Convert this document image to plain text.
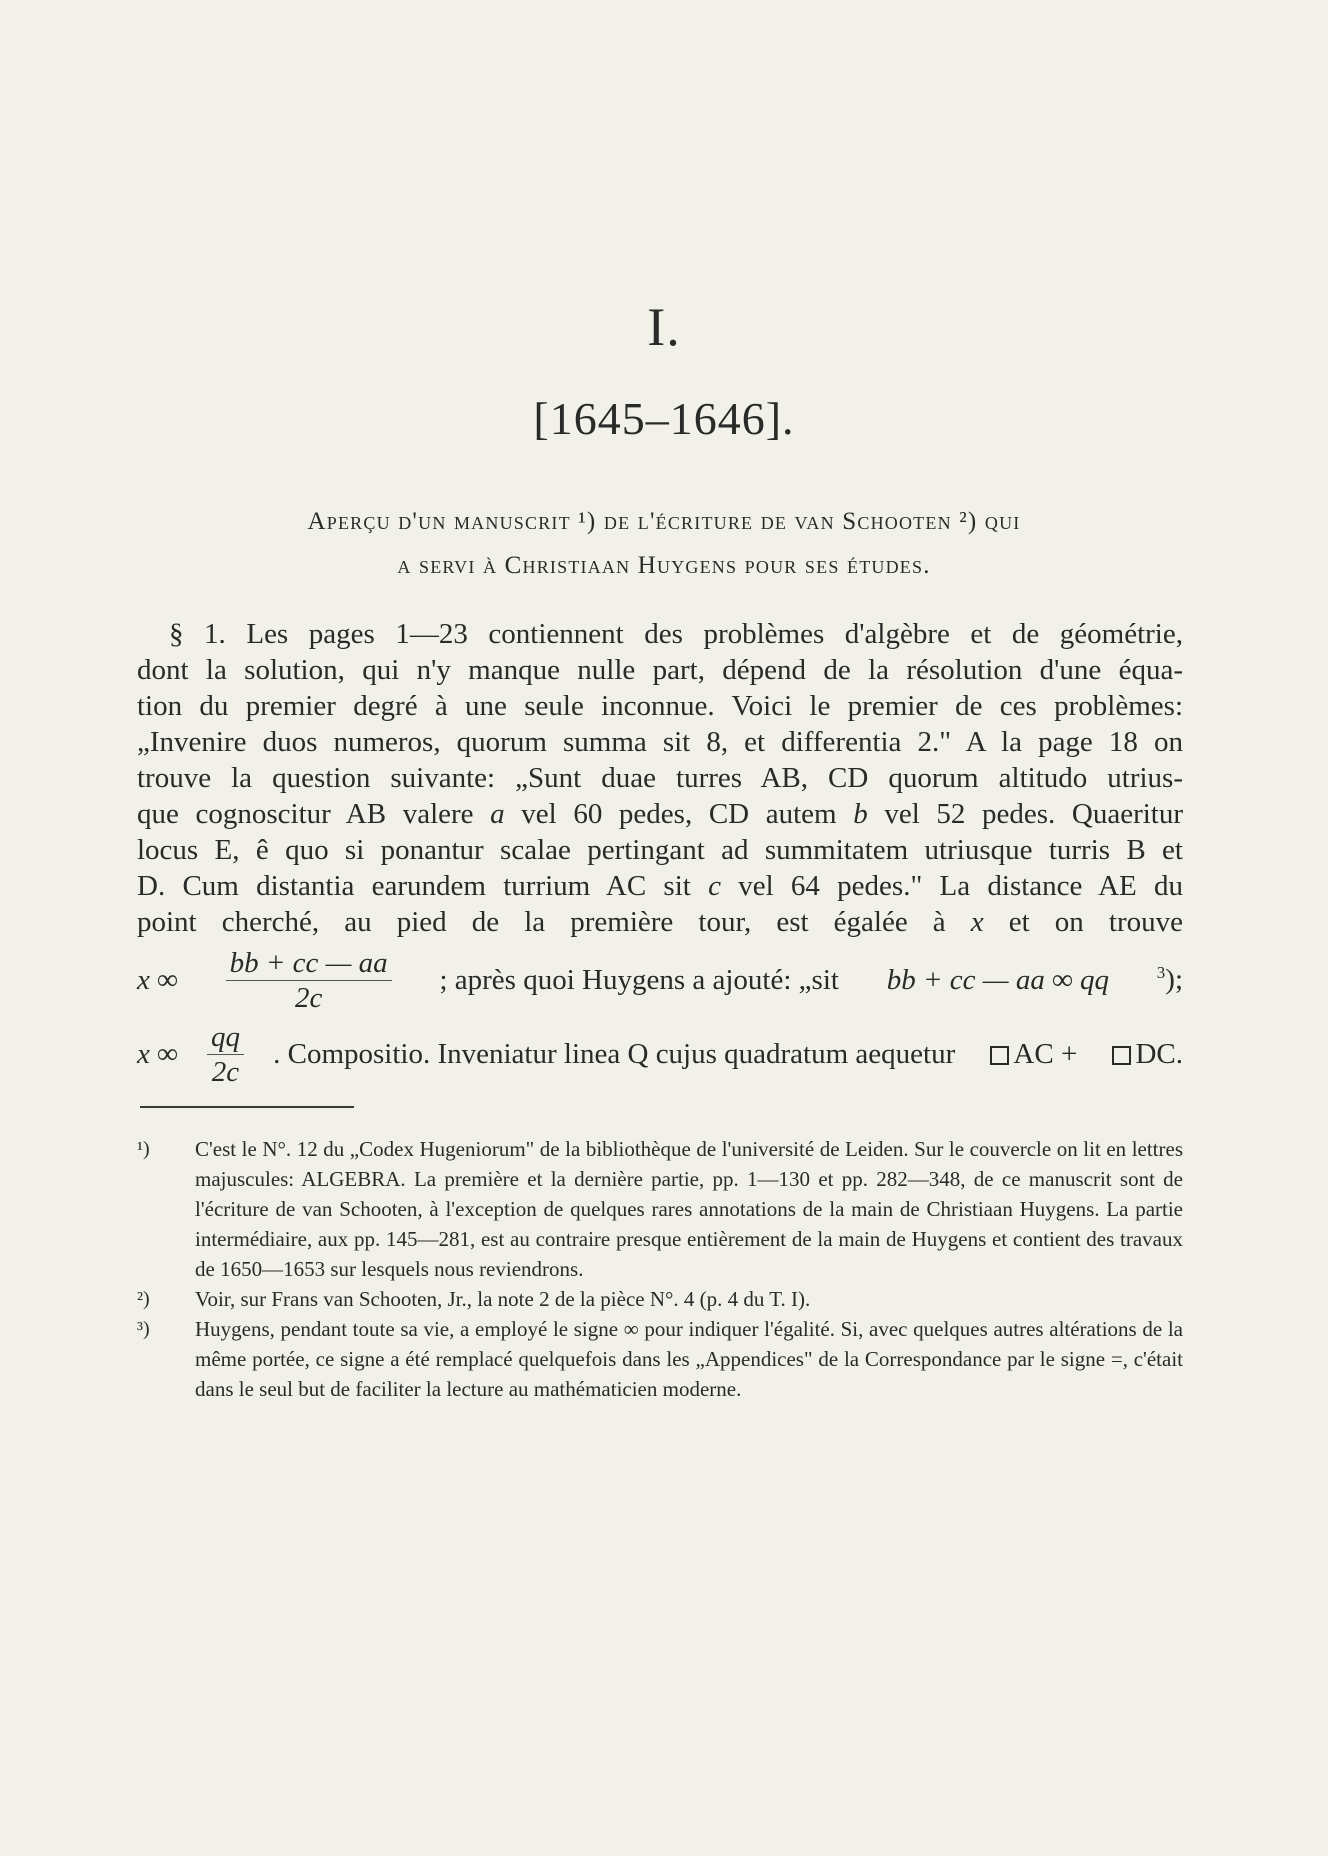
I.
[1645–1646].
Aperçu d'un manuscrit ¹) de l'écriture de van Schooten ²) qui
a servi à Christiaan Huygens pour ses études.

§ 1. Les pages 1—23 contiennent des problèmes d'algèbre et de géométrie,

dont la solution, qui n'y manque nulle part, dépend de la résolution d'une équa-

tion du premier degré à une seule inconnue. Voici le premier de ces problèmes:

„Invenire duos numeros, quorum summa sit 8, et differentia 2." A la page 18 on

trouve la question suivante: „Sunt duae turres AB, CD quorum altitudo utrius-

que cognoscitur AB valere a vel 60 pedes, CD autem b vel 52 pedes. Quaeritur

locus E, ê quo si ponantur scalae pertingant ad summitatem utriusque turris B et

D. Cum distantia earundem turrium AC sit c vel 64 pedes." La distance AE du

point cherché, au pied de la première tour, est égalée à x et on trouve

x ∞ $\frac{bb + cc — aa}{2c}$ ; après quoi Huygens a ajouté: „sit bb + cc — aa ∞ qq	$^3$);
x ∞ $\frac{qq}{2c}$ . Compositio. Inveniatur linea Q cujus quadratum aequetur	AC +	DC.
¹) C'est le N°. 12 du „Codex Hugeniorum" de la bibliothèque de l'université de Leiden. Sur le couvercle on lit en lettres majuscules: ALGEBRA. La première et la dernière partie, pp. 1—130 et pp. 282—348, de ce manuscrit sont de l'écriture de van Schooten, à l'exception de quelques rares annotations de la main de Christiaan Huygens. La partie intermédiaire, aux pp. 145—281, est au contraire presque entièrement de la main de Huygens et contient des travaux de 1650—1653 sur lesquels nous reviendrons.
²) Voir, sur Frans van Schooten, Jr., la note 2 de la pièce N°. 4 (p. 4 du T. I).
³) Huygens, pendant toute sa vie, a employé le signe ∞ pour indiquer l'égalité. Si, avec quelques autres altérations de la même portée, ce signe a été remplacé quelquefois dans les „Appendices" de la Correspondance par le signe =, c'était dans le seul but de faciliter la lecture au mathématicien moderne.
